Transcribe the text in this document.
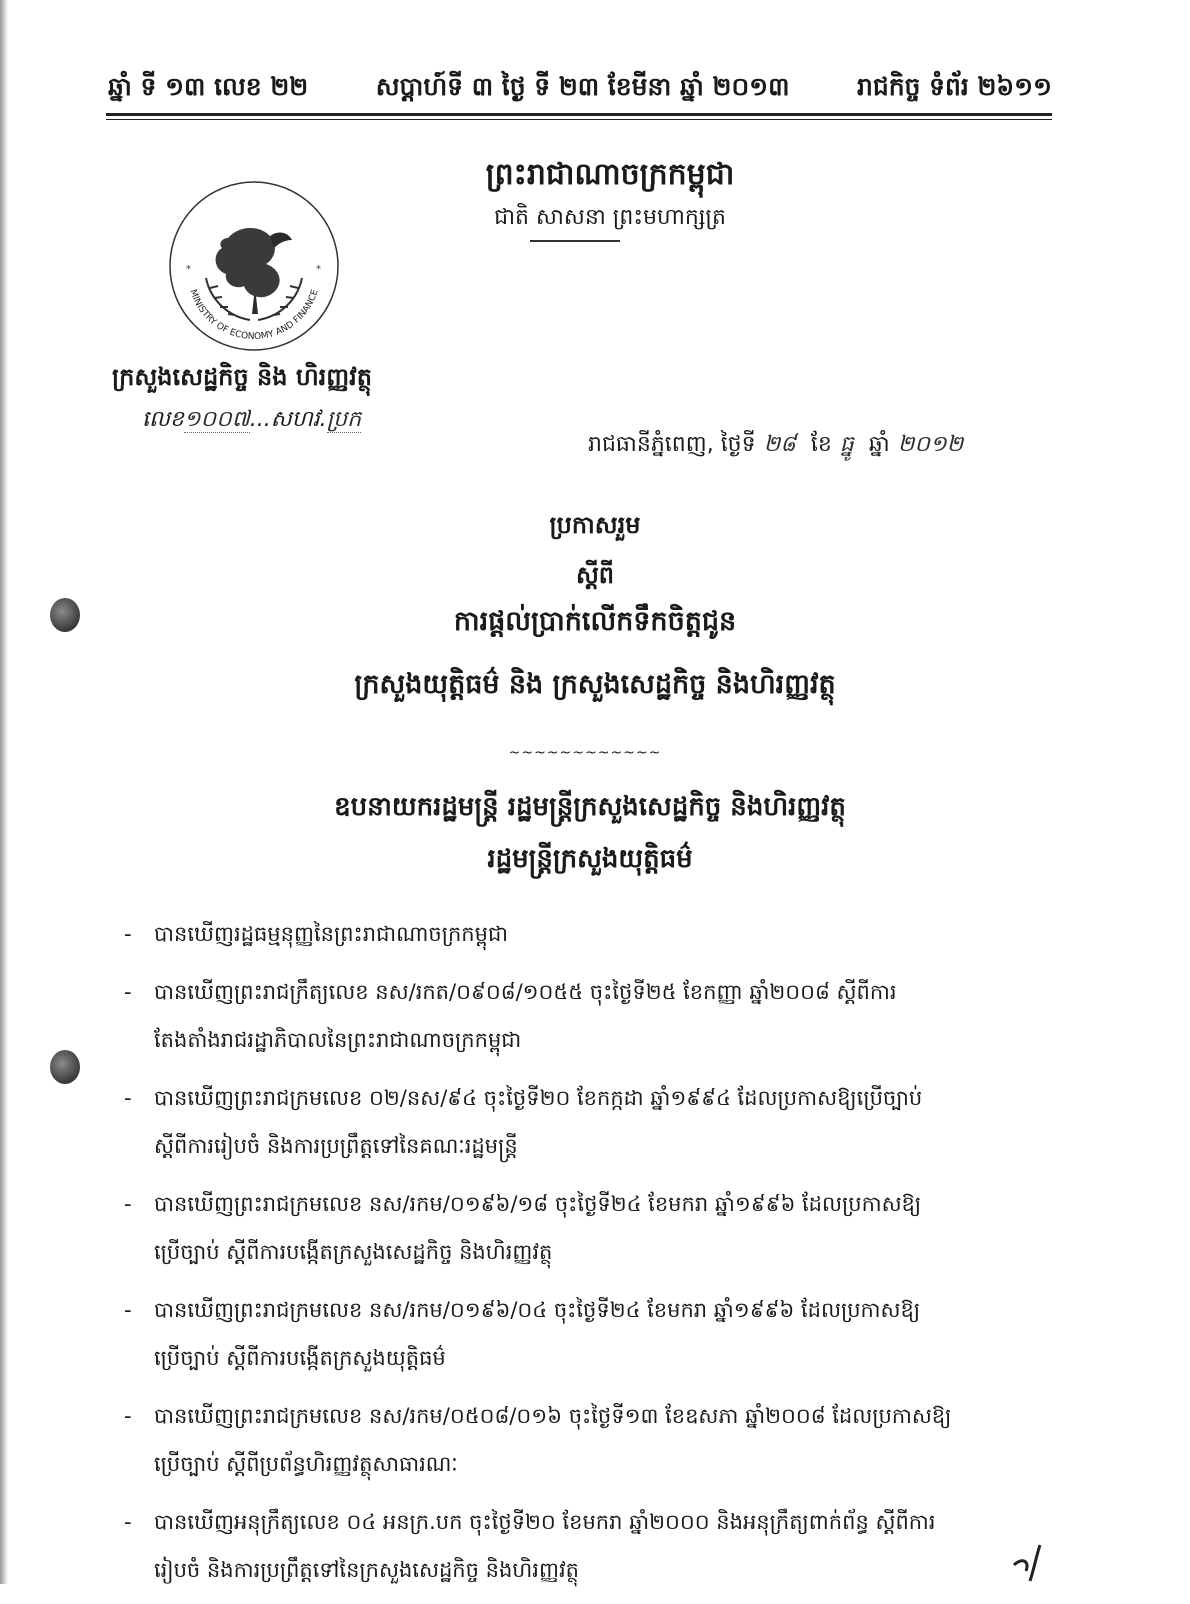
ឆ្នាំ ទី ១៣ លេខ ២២	សប្តាហ៍ទី ៣ ថ្ងៃ ទី ២៣ ខែមីនា ឆ្នាំ ២០១៣	រាជកិច្ច ទំព័រ ២៦១១
ព្រះរាជាណាចក្រកម្ពុជា
ជាតិ សាសនា ព្រះមហាក្សត្រ
MINISTRY OF ECONOMY AND FINANCE
*	*
ក្រសួងសេដ្ឋកិច្ច និង ហិរញ្ញវត្ថុ
លេខ១០០៧...សហវ.ប្រក
រាជធានីភ្នំពេញ, ថ្ងៃទី ២៨ ខែ ធ្នូ ឆ្នាំ ២០១២
ប្រកាសរួម
ស្តីពី
ការផ្តល់ប្រាក់លើកទឹកចិត្តជូន
ក្រសួងយុត្តិធម៌ និង ក្រសួងសេដ្ឋកិច្ច និងហិរញ្ញវត្ថុ
~~~~~~~~~~~~
ឧបនាយករដ្ឋមន្ត្រី រដ្ឋមន្ត្រីក្រសួងសេដ្ឋកិច្ច និងហិរញ្ញវត្ថុ
រដ្ឋមន្ត្រីក្រសួងយុត្តិធម៌
- បានឃើញរដ្ឋធម្មនុញ្ញនៃព្រះរាជាណាចក្រកម្ពុជា
- បានឃើញព្រះរាជក្រឹត្យលេខ នស/រកត/០៩០៨/១០៥៥ ចុះថ្ងៃទី២៥ ខែកញ្ញា ឆ្នាំ២០០៨ ស្តីពីការ
តែងតាំងរាជរដ្ឋាភិបាលនៃព្រះរាជាណាចក្រកម្ពុជា
- បានឃើញព្រះរាជក្រមលេខ ០២/នស/៩៤ ចុះថ្ងៃទី២០ ខែកក្កដា ឆ្នាំ១៩៩៤ ដែលប្រកាសឱ្យប្រើច្បាប់
ស្តីពីការរៀបចំ និងការប្រព្រឹត្តទៅនៃគណៈរដ្ឋមន្ត្រី
- បានឃើញព្រះរាជក្រមលេខ នស/រកម/០១៩៦/១៨ ចុះថ្ងៃទី២៤ ខែមករា ឆ្នាំ១៩៩៦ ដែលប្រកាសឱ្យ
ប្រើច្បាប់ ស្តីពីការបង្កើតក្រសួងសេដ្ឋកិច្ច និងហិរញ្ញវត្ថុ
- បានឃើញព្រះរាជក្រមលេខ នស/រកម/០១៩៦/០៤ ចុះថ្ងៃទី២៤ ខែមករា ឆ្នាំ១៩៩៦ ដែលប្រកាសឱ្យ
ប្រើច្បាប់ ស្តីពីការបង្កើតក្រសួងយុត្តិធម៌
- បានឃើញព្រះរាជក្រមលេខ នស/រកម/០៥០៨/០១៦ ចុះថ្ងៃទី១៣ ខែឧសភា ឆ្នាំ២០០៨ ដែលប្រកាសឱ្យ
ប្រើច្បាប់ ស្តីពីប្រព័ន្ធហិរញ្ញវត្ថុសាធារណៈ
- បានឃើញអនុក្រឹត្យលេខ ០៤ អនក្រ.បក ចុះថ្ងៃទី២០ ខែមករា ឆ្នាំ២០០០ និងអនុក្រឹត្យពាក់ព័ន្ធ ស្តីពីការ
រៀបចំ និងការប្រព្រឹត្តទៅនៃក្រសួងសេដ្ឋកិច្ច និងហិរញ្ញវត្ថុ
